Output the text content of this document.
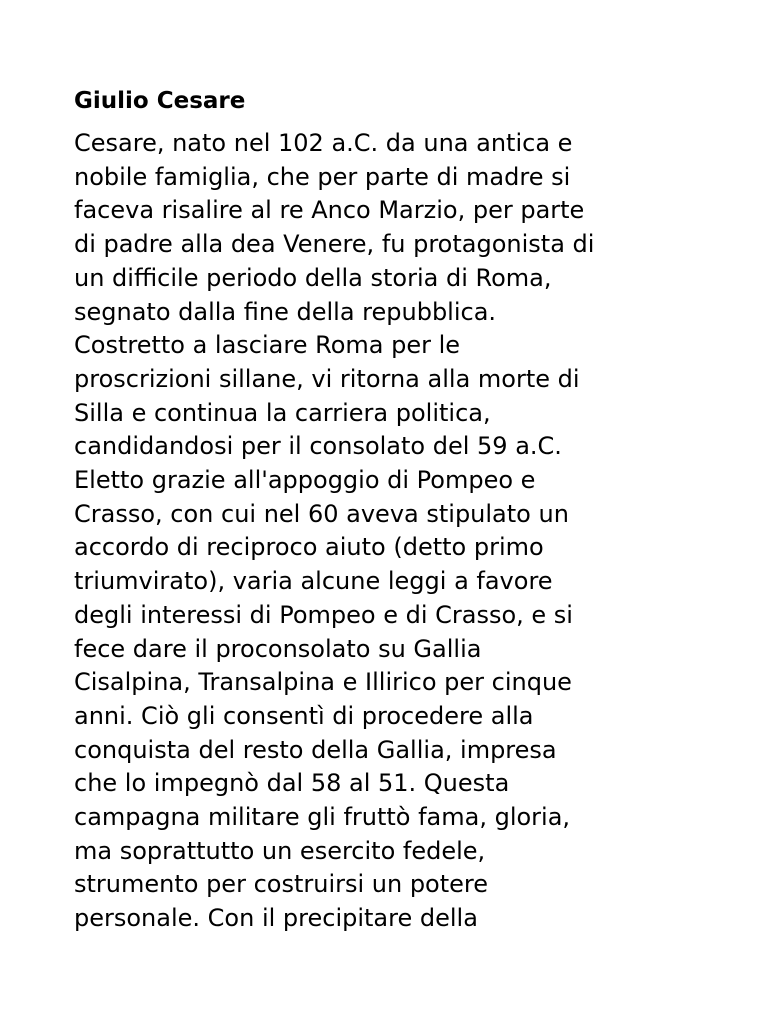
Giulio Cesare
Cesare, nato nel 102 a.C. da una antica e
nobile famiglia, che per parte di madre si
faceva risalire al re Anco Marzio, per parte
di padre alla dea Venere, fu protagonista di
un difficile periodo della storia di Roma,
segnato dalla fine della repubblica.
Costretto a lasciare Roma per le
proscrizioni sillane, vi ritorna alla morte di
Silla e continua la carriera politica,
candidandosi per il consolato del 59 a.C.
Eletto grazie all'appoggio di Pompeo e
Crasso, con cui nel 60 aveva stipulato un
accordo di reciproco aiuto (detto primo
triumvirato), varia alcune leggi a favore
degli interessi di Pompeo e di Crasso, e si
fece dare il proconsolato su Gallia
Cisalpina, Transalpina e Illirico per cinque
anni. Ciò gli consentì di procedere alla
conquista del resto della Gallia, impresa
che lo impegnò dal 58 al 51. Questa
campagna militare gli fruttò fama, gloria,
ma soprattutto un esercito fedele,
strumento per costruirsi un potere
personale. Con il precipitare della
